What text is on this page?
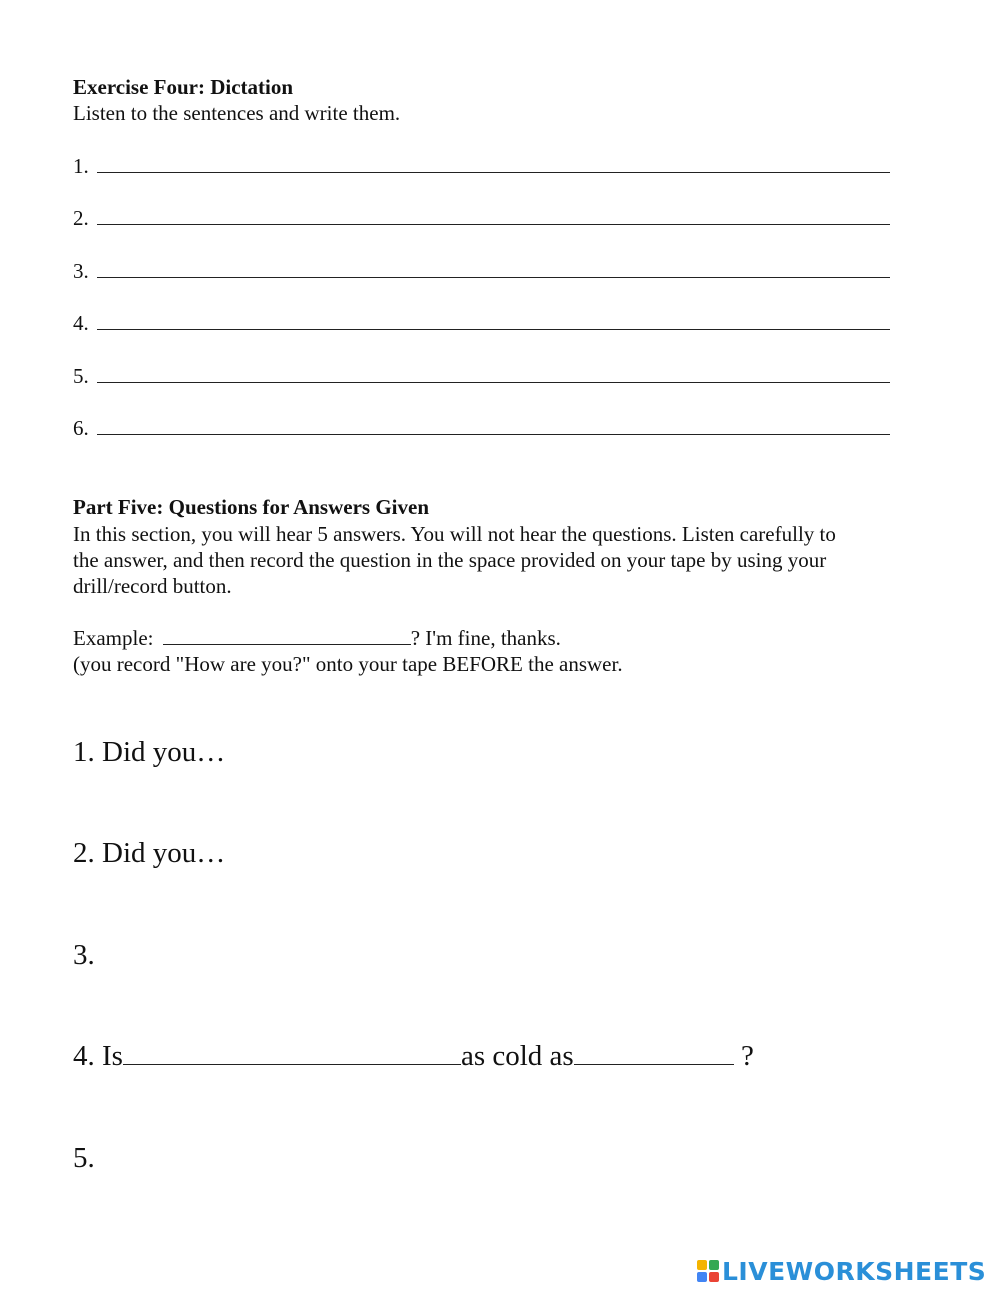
Exercise Four: Dictation
Listen to the sentences and write them.
1.
2.
3.
4.
5.
6.
Part Five: Questions for Answers Given
In this section, you will hear 5 answers. You will not hear the questions. Listen carefully to
the answer, and then record the question in the space provided on your tape by using your
drill/record button.
Example:	? I'm fine, thanks.
(you record "How are you?" onto your tape BEFORE the answer.
1. Did you…
2. Did you…
3.
4. Is	as cold as	?
5.
LIVEWORKSHEETS
